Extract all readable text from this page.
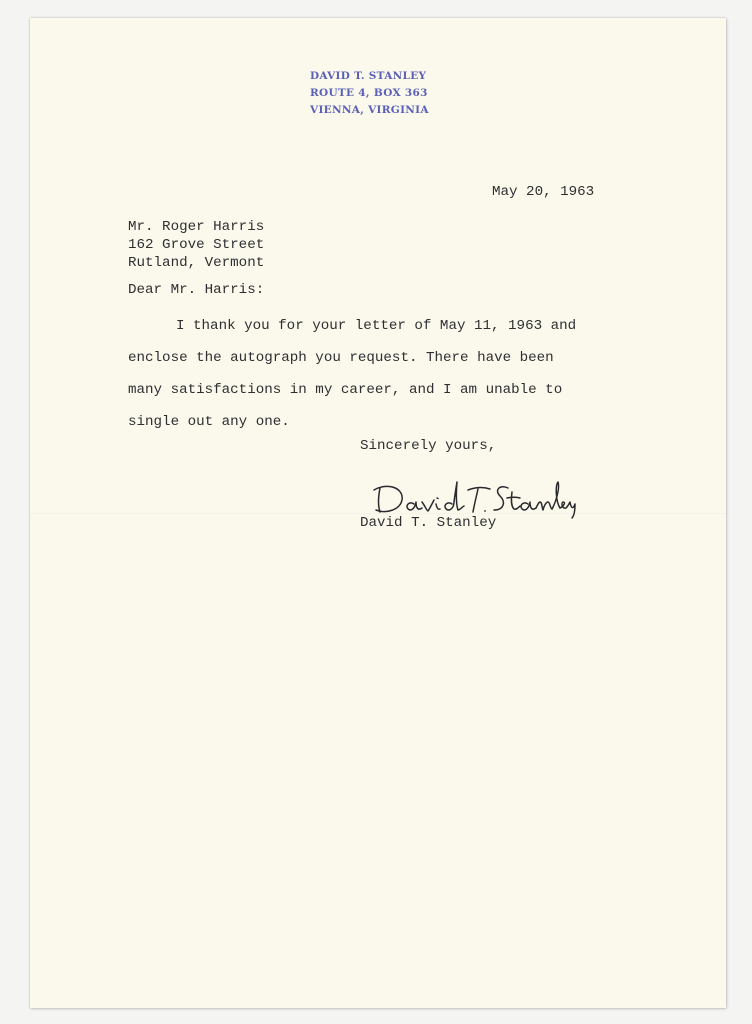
DAVID T. STANLEY
ROUTE 4, BOX 363
VIENNA, VIRGINIA
May 20, 1963
Mr. Roger Harris
162 Grove Street
Rutland, Vermont
Dear Mr. Harris:
I thank you for your letter of May 11, 1963 and
enclose the autograph you request. There have been
many satisfactions in my career, and I am unable to
single out any one.
Sincerely yours,
David T. Stanley
